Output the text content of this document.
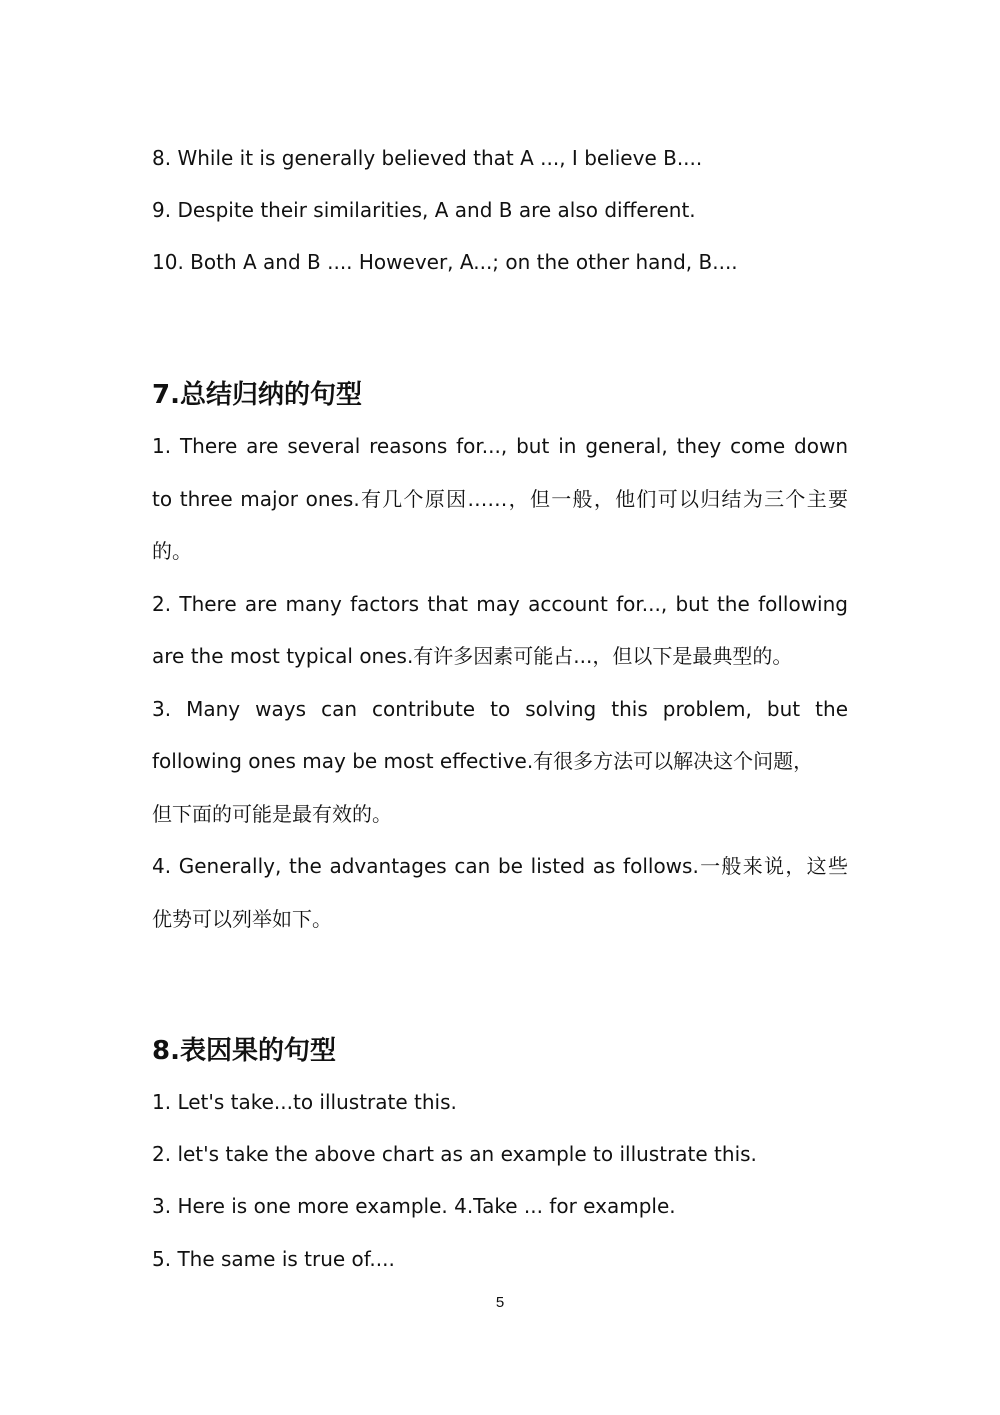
8. While it is generally believed that A ..., I believe B....
9. Despite their similarities, A and B are also different.
10. Both A and B .... However, A...; on the other hand, B....
7.总结归纳的句型
1. There are several reasons for..., but in general, they come down
to three major ones.有几个原因……，但一般，他们可以归结为三个主要
的。
2. There are many factors that may account for..., but the following
are the most typical ones.有许多因素可能占...，但以下是最典型的。
3. Many ways can contribute to solving this problem, but the
following ones may be most effective.有很多方法可以解决这个问题，
但下面的可能是最有效的。
4. Generally, the advantages can be listed as follows.一般来说，这些
优势可以列举如下。
8.表因果的句型
1. Let's take...to illustrate this.
2. let's take the above chart as an example to illustrate this.
3. Here is one more example. 4.Take ... for example.
5. The same is true of....
5
